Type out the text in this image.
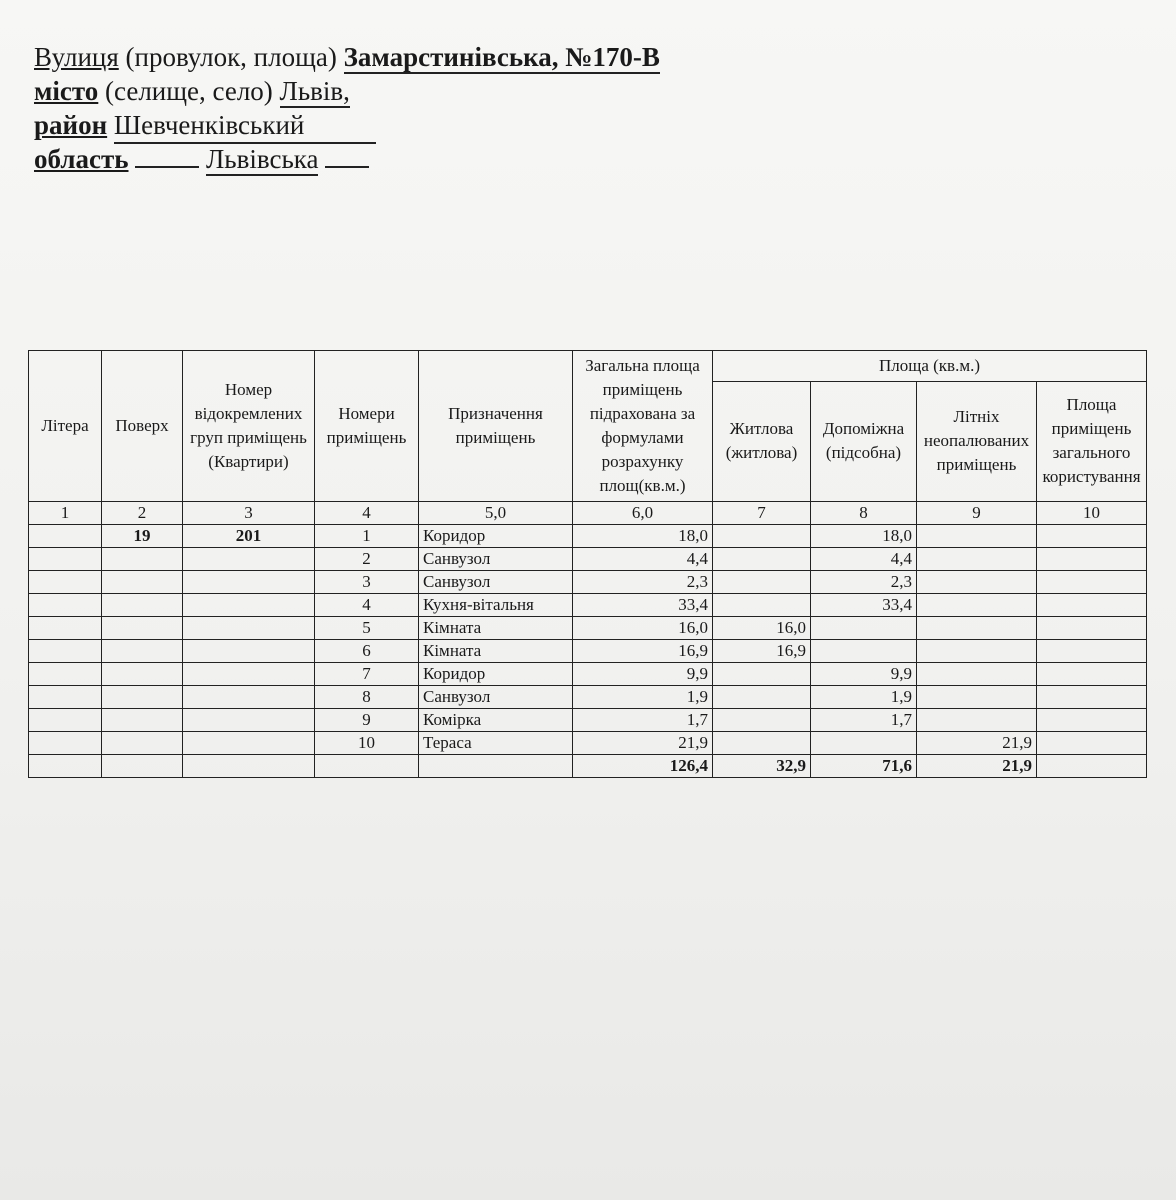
Вулиця (провулок, площа) Замарстинівська, №170-В
місто (селище, село) Львів,
район Шевченківський
область	Львівська
Літера	Поверх	Номер відокремлених груп приміщень (Квартири)	Номери приміщень	Призначення приміщень	Загальна площа приміщень підрахована за формулами розрахунку площ(кв.м.)	Площа (кв.м.)			
						Житлова (житлова)	Допоміжна (підсобна)	Літніх неопалюваних приміщень	Площа приміщень загального користування
1	2	3	4	5,0	6,0	7	8	9	10
	19	201	1	Коридор	18,0		18,0		
			2	Санвузол	4,4		4,4		
			3	Санвузол	2,3		2,3		
			4	Кухня-вітальня	33,4		33,4		
			5	Кімната	16,0	16,0			
			6	Кімната	16,9	16,9			
			7	Коридор	9,9		9,9		
			8	Санвузол	1,9		1,9		
			9	Комірка	1,7		1,7		
			10	Тераса	21,9			21,9	
					126,4	32,9	71,6	21,9	
